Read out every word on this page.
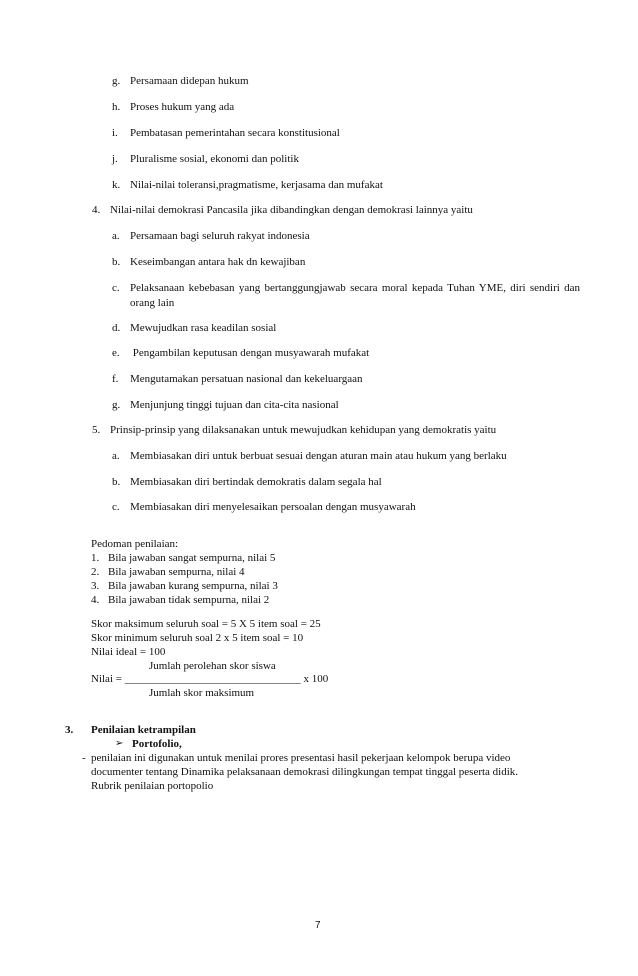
g. Persamaan didepan hukum
h. Proses hukum yang ada
i. Pembatasan pemerintahan secara konstitusional
j. Pluralisme sosial, ekonomi dan politik
k. Nilai-nilai toleransi,pragmatisme, kerjasama dan mufakat
4. Nilai-nilai demokrasi Pancasila jika dibandingkan dengan demokrasi lainnya yaitu
a. Persamaan bagi seluruh rakyat indonesia
b. Keseimbangan antara hak dn kewajiban
c. Pelaksanaan kebebasan yang bertanggungjawab secara moral kepada Tuhan YME, diri sendiri dan orang lain
d. Mewujudkan rasa keadilan sosial
e. Pengambilan keputusan dengan musyawarah mufakat
f. Mengutamakan persatuan nasional dan kekeluargaan
g. Menjunjung tinggi tujuan dan cita-cita nasional
5. Prinsip-prinsip yang dilaksanakan untuk mewujudkan kehidupan yang demokratis yaitu
a. Membiasakan diri untuk berbuat sesuai dengan aturan main atau hukum yang berlaku
b. Membiasakan diri bertindak demokratis dalam segala hal
c. Membiasakan diri menyelesaikan persoalan dengan musyawarah
Pedoman penilaian:
1. Bila jawaban sangat sempurna, nilai 5
2. Bila jawaban sempurna, nilai 4
3. Bila jawaban kurang sempurna, nilai 3
4. Bila jawaban tidak sempurna, nilai 2
Skor maksimum seluruh soal = 5 X 5 item soal = 25
Skor minimum seluruh soal 2 x 5 item soal = 10
Nilai ideal = 100
Jumlah perolehan skor siswa
Nilai = ________________________________ x 100
Jumlah skor maksimum
3. Penilaian ketrampilan
➢ Portofolio,
- penilaian ini digunakan untuk menilai prores presentasi hasil pekerjaan kelompok berupa video documenter tentang Dinamika pelaksanaan demokrasi dilingkungan tempat tinggal peserta didik.
Rubrik penilaian portopolio
7
